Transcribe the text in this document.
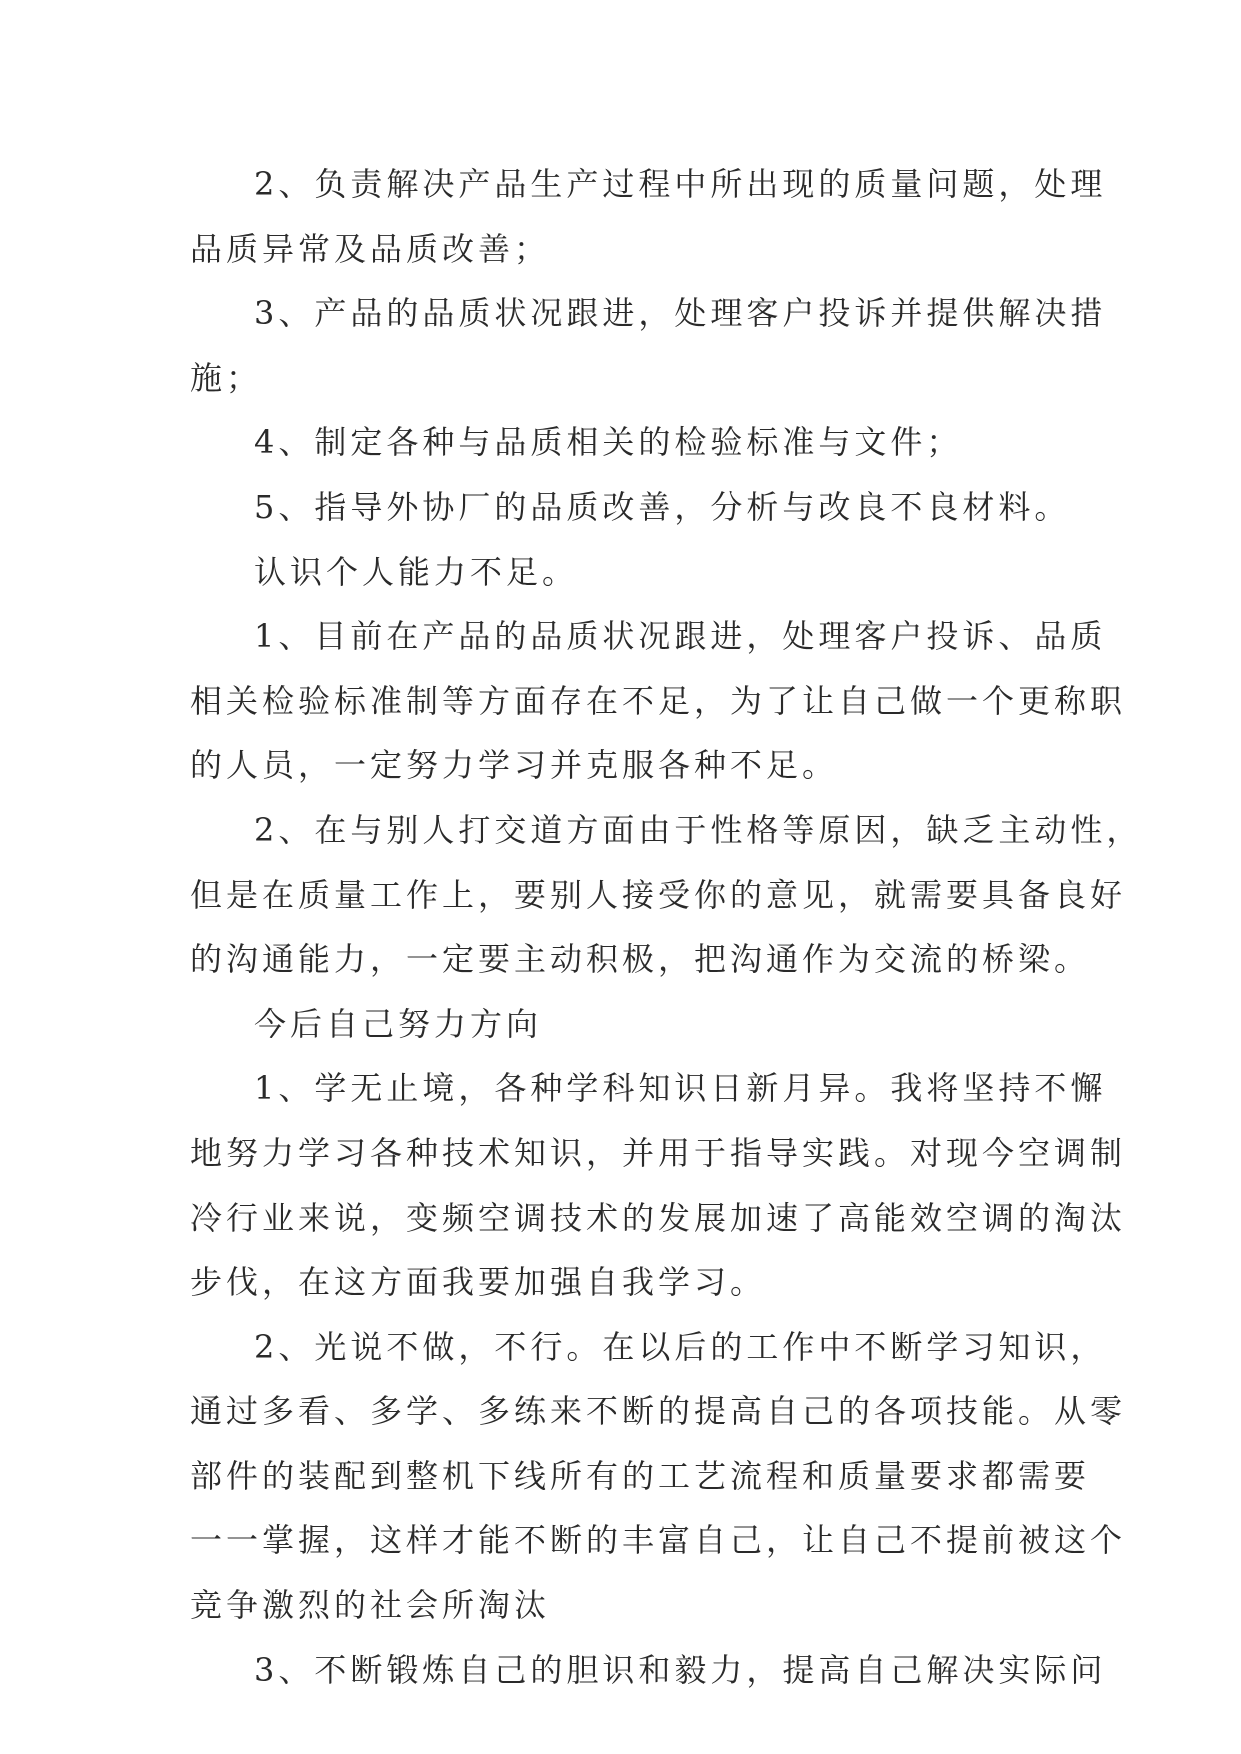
2、负责解决产品生产过程中所出现的质量问题，处理
品质异常及品质改善；
3、产品的品质状况跟进，处理客户投诉并提供解决措
施；
4、制定各种与品质相关的检验标准与文件；
5、指导外协厂的品质改善，分析与改良不良材料。
认识个人能力不足。
1、目前在产品的品质状况跟进，处理客户投诉、品质
相关检验标准制等方面存在不足，为了让自己做一个更称职
的人员，一定努力学习并克服各种不足。
2、在与别人打交道方面由于性格等原因，缺乏主动性，
但是在质量工作上，要别人接受你的意见，就需要具备良好
的沟通能力，一定要主动积极，把沟通作为交流的桥梁。
今后自己努力方向
1、学无止境，各种学科知识日新月异。我将坚持不懈
地努力学习各种技术知识，并用于指导实践。对现今空调制
冷行业来说，变频空调技术的发展加速了高能效空调的淘汰
步伐，在这方面我要加强自我学习。
2、光说不做，不行。在以后的工作中不断学习知识，
通过多看、多学、多练来不断的提高自己的各项技能。从零
部件的装配到整机下线所有的工艺流程和质量要求都需要
一一掌握，这样才能不断的丰富自己，让自己不提前被这个
竞争激烈的社会所淘汰
3、不断锻炼自己的胆识和毅力，提高自己解决实际问
